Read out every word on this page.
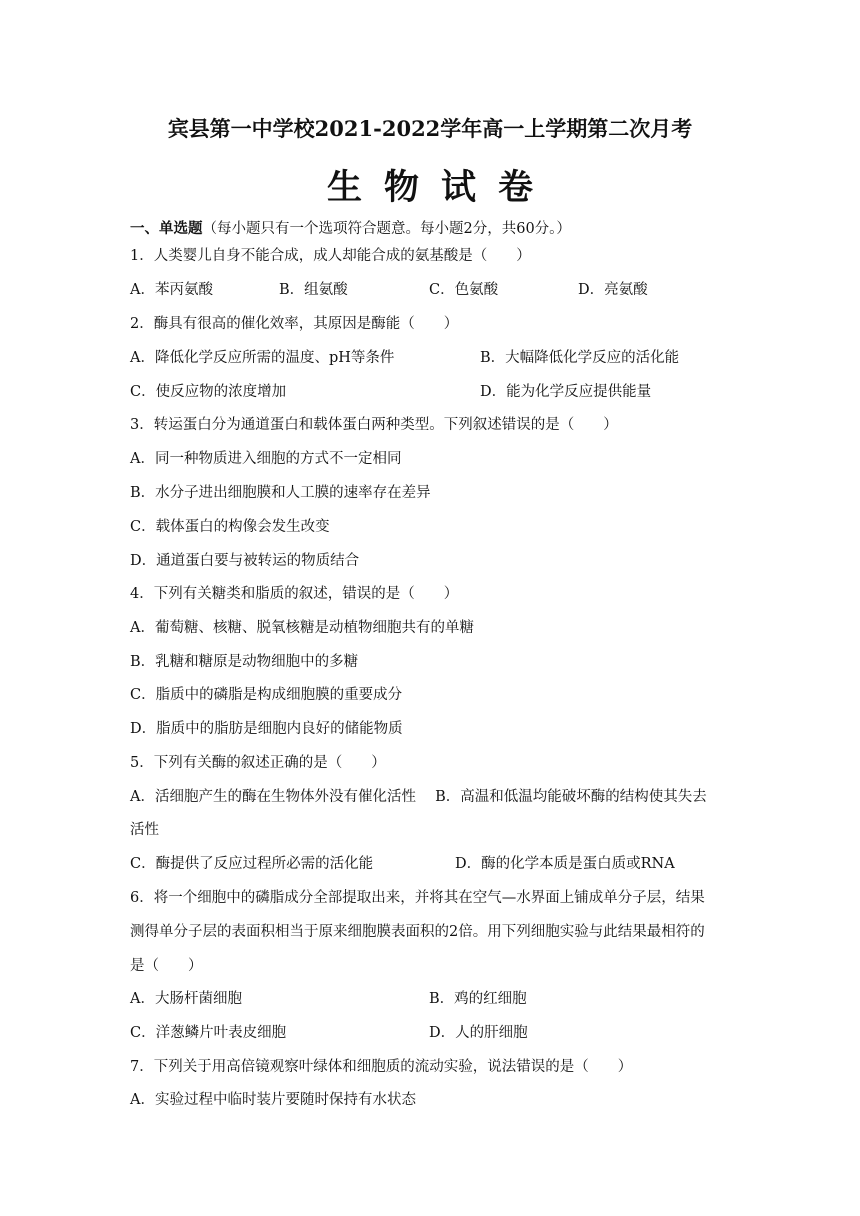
宾县第一中学校2021-2022学年高一上学期第二次月考
生物试卷
一、单选题（每小题只有一个选项符合题意。每小题2分，共60分。）
1．人类婴儿自身不能合成，成人却能合成的氨基酸是（　　）
A．苯丙氨酸	B．组氨酸	C．色氨酸	D．亮氨酸
2．酶具有很高的催化效率，其原因是酶能（　　）
A．降低化学反应所需的温度、pH等条件	B．大幅降低化学反应的活化能
C．使反应物的浓度增加	D．能为化学反应提供能量
3．转运蛋白分为通道蛋白和载体蛋白两种类型。下列叙述错误的是（　　）
A．同一种物质进入细胞的方式不一定相同
B．水分子进出细胞膜和人工膜的速率存在差异
C．载体蛋白的构像会发生改变
D．通道蛋白要与被转运的物质结合
4．下列有关糖类和脂质的叙述，错误的是（　　）
A．葡萄糖、核糖、脱氧核糖是动植物细胞共有的单糖
B．乳糖和糖原是动物细胞中的多糖
C．脂质中的磷脂是构成细胞膜的重要成分
D．脂质中的脂肪是细胞内良好的储能物质
5．下列有关酶的叙述正确的是（　　）
A．活细胞产生的酶在生物体外没有催化活性　 B．高温和低温均能破坏酶的结构使其失去
活性
C．酶提供了反应过程所必需的活化能	D．酶的化学本质是蛋白质或RNA
6．将一个细胞中的磷脂成分全部提取出来，并将其在空气—水界面上铺成单分子层，结果
测得单分子层的表面积相当于原来细胞膜表面积的2倍。用下列细胞实验与此结果最相符的
是（　　）
A．大肠杆菌细胞	B．鸡的红细胞
C．洋葱鳞片叶表皮细胞	D．人的肝细胞
7．下列关于用高倍镜观察叶绿体和细胞质的流动实验，说法错误的是（　　）
A．实验过程中临时装片要随时保持有水状态
